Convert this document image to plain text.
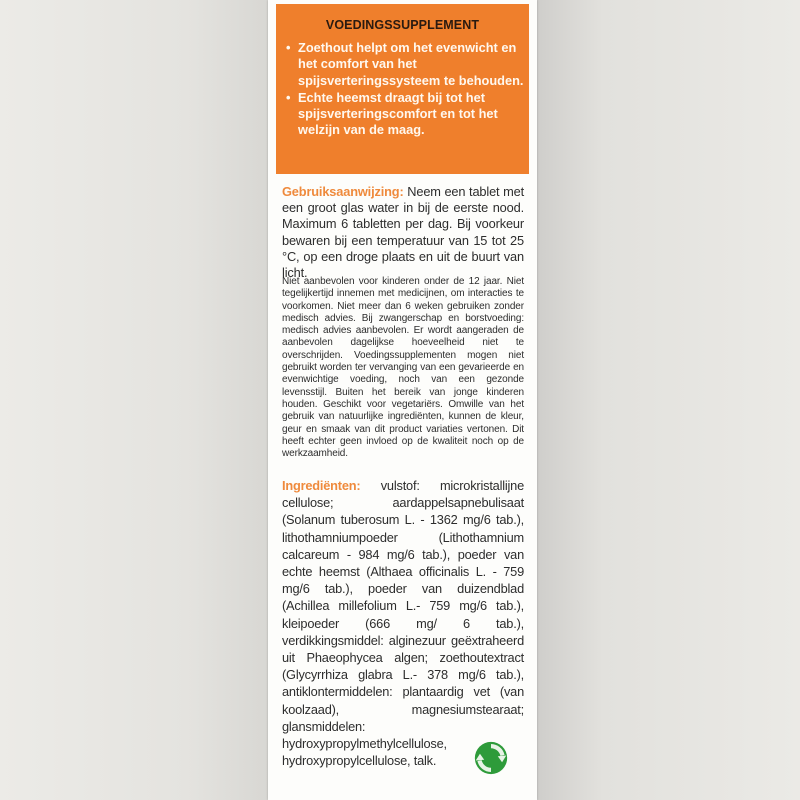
VOEDINGSSUPPLEMENT
• Zoethout helpt om het evenwicht en het comfort van het spijsverteringssysteem te behouden.
• Echte heemst draagt bij tot het spijsverteringscomfort en tot het welzijn van de maag.
Gebruiksaanwijzing: Neem een tablet met een groot glas water in bij de eerste nood. Maximum 6 tabletten per dag. Bij voorkeur bewaren bij een temperatuur van 15 tot 25 °C, op een droge plaats en uit de buurt van licht.
Niet aanbevolen voor kinderen onder de 12 jaar. Niet tegelijkertijd innemen met medicijnen, om interacties te voorkomen. Niet meer dan 6 weken gebruiken zonder medisch advies. Bij zwangerschap en borstvoeding: medisch advies aanbevolen. Er wordt aangeraden de aanbevolen dagelijkse hoeveelheid niet te overschrijden. Voedingssupplementen mogen niet gebruikt worden ter vervanging van een gevarieerde en evenwichtige voeding, noch van een gezonde levensstijl. Buiten het bereik van jonge kinderen houden. Geschikt voor vegetariërs. Omwille van het gebruik van natuurlijke ingrediënten, kunnen de kleur, geur en smaak van dit product variaties vertonen. Dit heeft echter geen invloed op de kwaliteit noch op de werkzaamheid.
Ingrediënten: vulstof: microkristallijne cellulose; aardappelsapnebulisaat (Solanum tuberosum L. - 1362 mg/6 tab.), lithothamniumpoeder (Lithothamnium calcareum - 984 mg/6 tab.), poeder van echte heemst (Althaea officinalis L. - 759 mg/6 tab.), poeder van duizendblad (Achillea millefolium L.- 759 mg/6 tab.), kleipoeder (666 mg/ 6 tab.), verdikkingsmiddel: alginezuur geëxtraheerd uit Phaeophycea algen; zoethoutextract (Glycyrrhiza glabra L.- 378 mg/6 tab.), antiklontermiddelen: plantaardig vet (van koolzaad), magnesiumstearaat; glansmiddelen: hydroxypropylmethylcellulose, hydroxypropylcellulose, talk.
